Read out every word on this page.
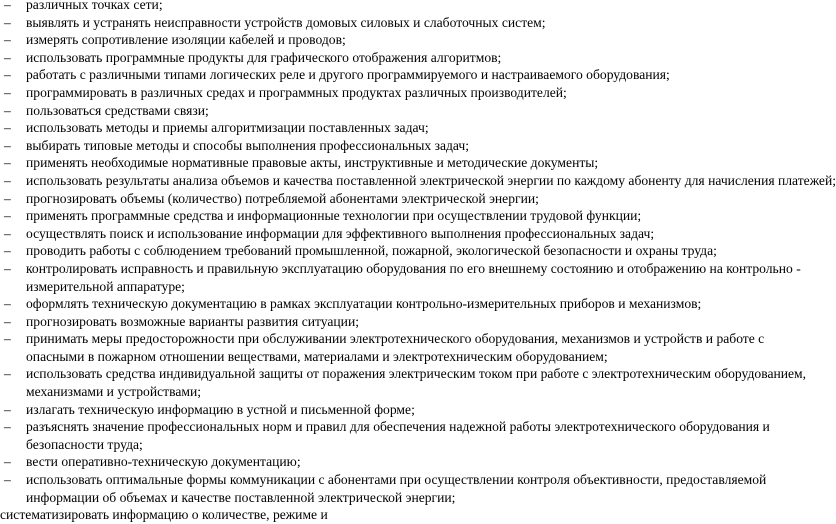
–	различных точках сети;
–	выявлять и устранять неисправности устройств домовых силовых и слаботочных систем;
–	измерять сопротивление изоляции кабелей и проводов;
–	использовать программные продукты для графического отображения алгоритмов;
–	работать с различными типами логических реле и другого программируемого и настраиваемого оборудования;
–	программировать в различных средах и программных продуктах различных производителей;
–	пользоваться средствами связи;
–	использовать методы и приемы алгоритмизации поставленных задач;
–	выбирать типовые методы и способы выполнения профессиональных задач;
–	применять необходимые нормативные правовые акты, инструктивные и методические документы;
–	использовать результаты анализа объемов и качества поставленной электрической энергии по каждому абоненту для начисления платежей;
–	прогнозировать объемы (количество) потребляемой абонентами электрической энергии;
–	применять программные средства и информационные технологии при осуществлении трудовой функции;
–	осуществлять поиск и использование информации для эффективного выполнения профессиональных задач;
–	проводить работы с соблюдением требований промышленной, пожарной, экологической безопасности и охраны труда;
–	контролировать исправность и правильную эксплуатацию оборудования по его внешнему состоянию и отображению на контрольно - измерительной аппаратуре;
–	оформлять техническую документацию в рамках эксплуатации контрольно-измерительных приборов и механизмов;
–	прогнозировать возможные варианты развития ситуации;
–	принимать меры предосторожности при обслуживании электротехнического оборудования, механизмов и устройств и работе с опасными в пожарном отношении веществами, материалами и электротехническим оборудованием;
–	использовать средства индивидуальной защиты от поражения электрическим током при работе с электротехническим оборудованием, механизмами и устройствами;
–	излагать техническую информацию в устной и письменной форме;
–	разъяснять значение профессиональных норм и правил для обеспечения надежной работы электротехнического оборудования и безопасности труда;
–	вести оперативно-техническую документацию;
–	использовать оптимальные формы коммуникации с абонентами при осуществлении контроля объективности, предоставляемой информации об объемах и качестве поставленной электрической энергии;
систематизировать информацию о количестве, режиме и
